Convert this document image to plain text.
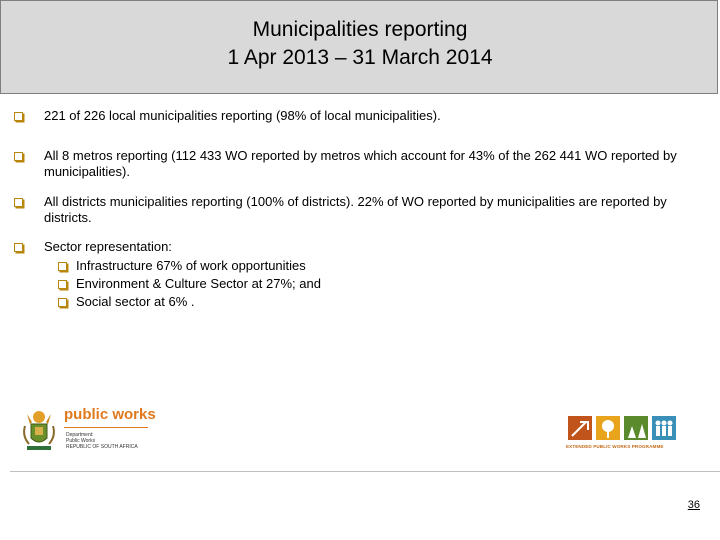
Municipalities reporting
1 Apr 2013 – 31 March 2014
221 of 226 local municipalities reporting (98% of local municipalities).
All 8 metros reporting (112 433 WO reported by metros which account for 43% of the 262 441 WO reported by municipalities).
All districts municipalities reporting (100% of districts). 22% of WO reported by municipalities are reported by districts.
Sector representation:
Infrastructure 67% of work opportunities
Environment & Culture Sector at 27%; and
Social sector at 6% .
public works
Department:
Public Works
REPUBLIC OF SOUTH AFRICA	EXTENDED PUBLIC WORKS PROGRAMME
36
